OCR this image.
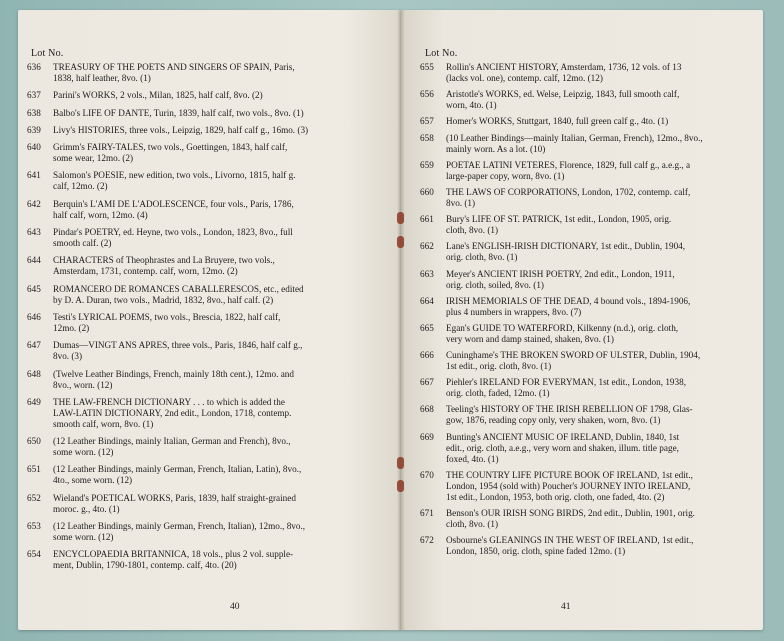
Lot No.
636	TREASURY OF THE POETS AND SINGERS OF SPAIN, Paris,
1838, half leather, 8vo. (1)
637	Parini's WORKS, 2 vols., Milan, 1825, half calf, 8vo. (2)
638	Balbo's LIFE OF DANTE, Turin, 1839, half calf, two vols., 8vo. (1)
639	Livy's HISTORIES, three vols., Leipzig, 1829, half calf g., 16mo. (3)
640	Grimm's FAIRY-TALES, two vols., Goettingen, 1843, half calf,
some wear, 12mo. (2)
641	Salomon's POESIE, new edition, two vols., Livorno, 1815, half g.
calf, 12mo. (2)
642	Berquin's L'AMI DE L'ADOLESCENCE, four vols., Paris, 1786,
half calf, worn, 12mo. (4)
643	Pindar's POETRY, ed. Heyne, two vols., London, 1823, 8vo., full
smooth calf. (2)
644	CHARACTERS of Theophrastes and La Bruyere, two vols.,
Amsterdam, 1731, contemp. calf, worn, 12mo. (2)
645	ROMANCERO DE ROMANCES CABALLERESCOS, etc., edited
by D. A. Duran, two vols., Madrid, 1832, 8vo., half calf. (2)
646	Testi's LYRICAL POEMS, two vols., Brescia, 1822, half calf,
12mo. (2)
647	Dumas—VINGT ANS APRES, three vols., Paris, 1846, half calf g.,
8vo. (3)
648	(Twelve Leather Bindings, French, mainly 18th cent.), 12mo. and
8vo., worn. (12)
649	THE LAW-FRENCH DICTIONARY . . . to which is added the
LAW-LATIN DICTIONARY, 2nd edit., London, 1718, contemp.
smooth calf, worn, 8vo. (1)
650	(12 Leather Bindings, mainly Italian, German and French), 8vo.,
some worn. (12)
651	(12 Leather Bindings, mainly German, French, Italian, Latin), 8vo.,
4to., some worn. (12)
652	Wieland's POETICAL WORKS, Paris, 1839, half straight-grained
moroc. g., 4to. (1)
653	(12 Leather Bindings, mainly German, French, Italian), 12mo., 8vo.,
some worn. (12)
654	ENCYCLOPAEDIA BRITANNICA, 18 vols., plus 2 vol. supple-
ment, Dublin, 1790-1801, contemp. calf, 4to. (20)
40
Lot No.
655	Rollin's ANCIENT HISTORY, Amsterdam, 1736, 12 vols. of 13
(lacks vol. one), contemp. calf, 12mo. (12)
656	Aristotle's WORKS, ed. Welse, Leipzig, 1843, full smooth calf,
worn, 4to. (1)
657	Homer's WORKS, Stuttgart, 1840, full green calf g., 4to. (1)
658	(10 Leather Bindings—mainly Italian, German, French), 12mo., 8vo.,
mainly worn. As a lot. (10)
659	POETAE LATINI VETERES, Florence, 1829, full calf g., a.e.g., a
large-paper copy, worn, 8vo. (1)
660	THE LAWS OF CORPORATIONS, London, 1702, contemp. calf,
8vo. (1)
661	Bury's LIFE OF ST. PATRICK, 1st edit., London, 1905, orig.
cloth, 8vo. (1)
662	Lane's ENGLISH-IRISH DICTIONARY, 1st edit., Dublin, 1904,
orig. cloth, 8vo. (1)
663	Meyer's ANCIENT IRISH POETRY, 2nd edit., London, 1911,
orig. cloth, soiled, 8vo. (1)
664	IRISH MEMORIALS OF THE DEAD, 4 bound vols., 1894-1906,
plus 4 numbers in wrappers, 8vo. (7)
665	Egan's GUIDE TO WATERFORD, Kilkenny (n.d.), orig. cloth,
very worn and damp stained, shaken, 8vo. (1)
666	Cuninghame's THE BROKEN SWORD OF ULSTER, Dublin, 1904,
1st edit., orig. cloth, 8vo. (1)
667	Piehler's IRELAND FOR EVERYMAN, 1st edit., London, 1938,
orig. cloth, faded, 12mo. (1)
668	Teeling's HISTORY OF THE IRISH REBELLION OF 1798, Glas-
gow, 1876, reading copy only, very shaken, worn, 8vo. (1)
669	Bunting's ANCIENT MUSIC OF IRELAND, Dublin, 1840, 1st
edit., orig. cloth, a.e.g., very worn and shaken, illum. title page,
foxed, 4to. (1)
670	THE COUNTRY LIFE PICTURE BOOK OF IRELAND, 1st edit.,
London, 1954 (sold with) Poucher's JOURNEY INTO IRELAND,
1st edit., London, 1953, both orig. cloth, one faded, 4to. (2)
671	Benson's OUR IRISH SONG BIRDS, 2nd edit., Dublin, 1901, orig.
cloth, 8vo. (1)
672	Osbourne's GLEANINGS IN THE WEST OF IRELAND, 1st edit.,
London, 1850, orig. cloth, spine faded 12mo. (1)
41
